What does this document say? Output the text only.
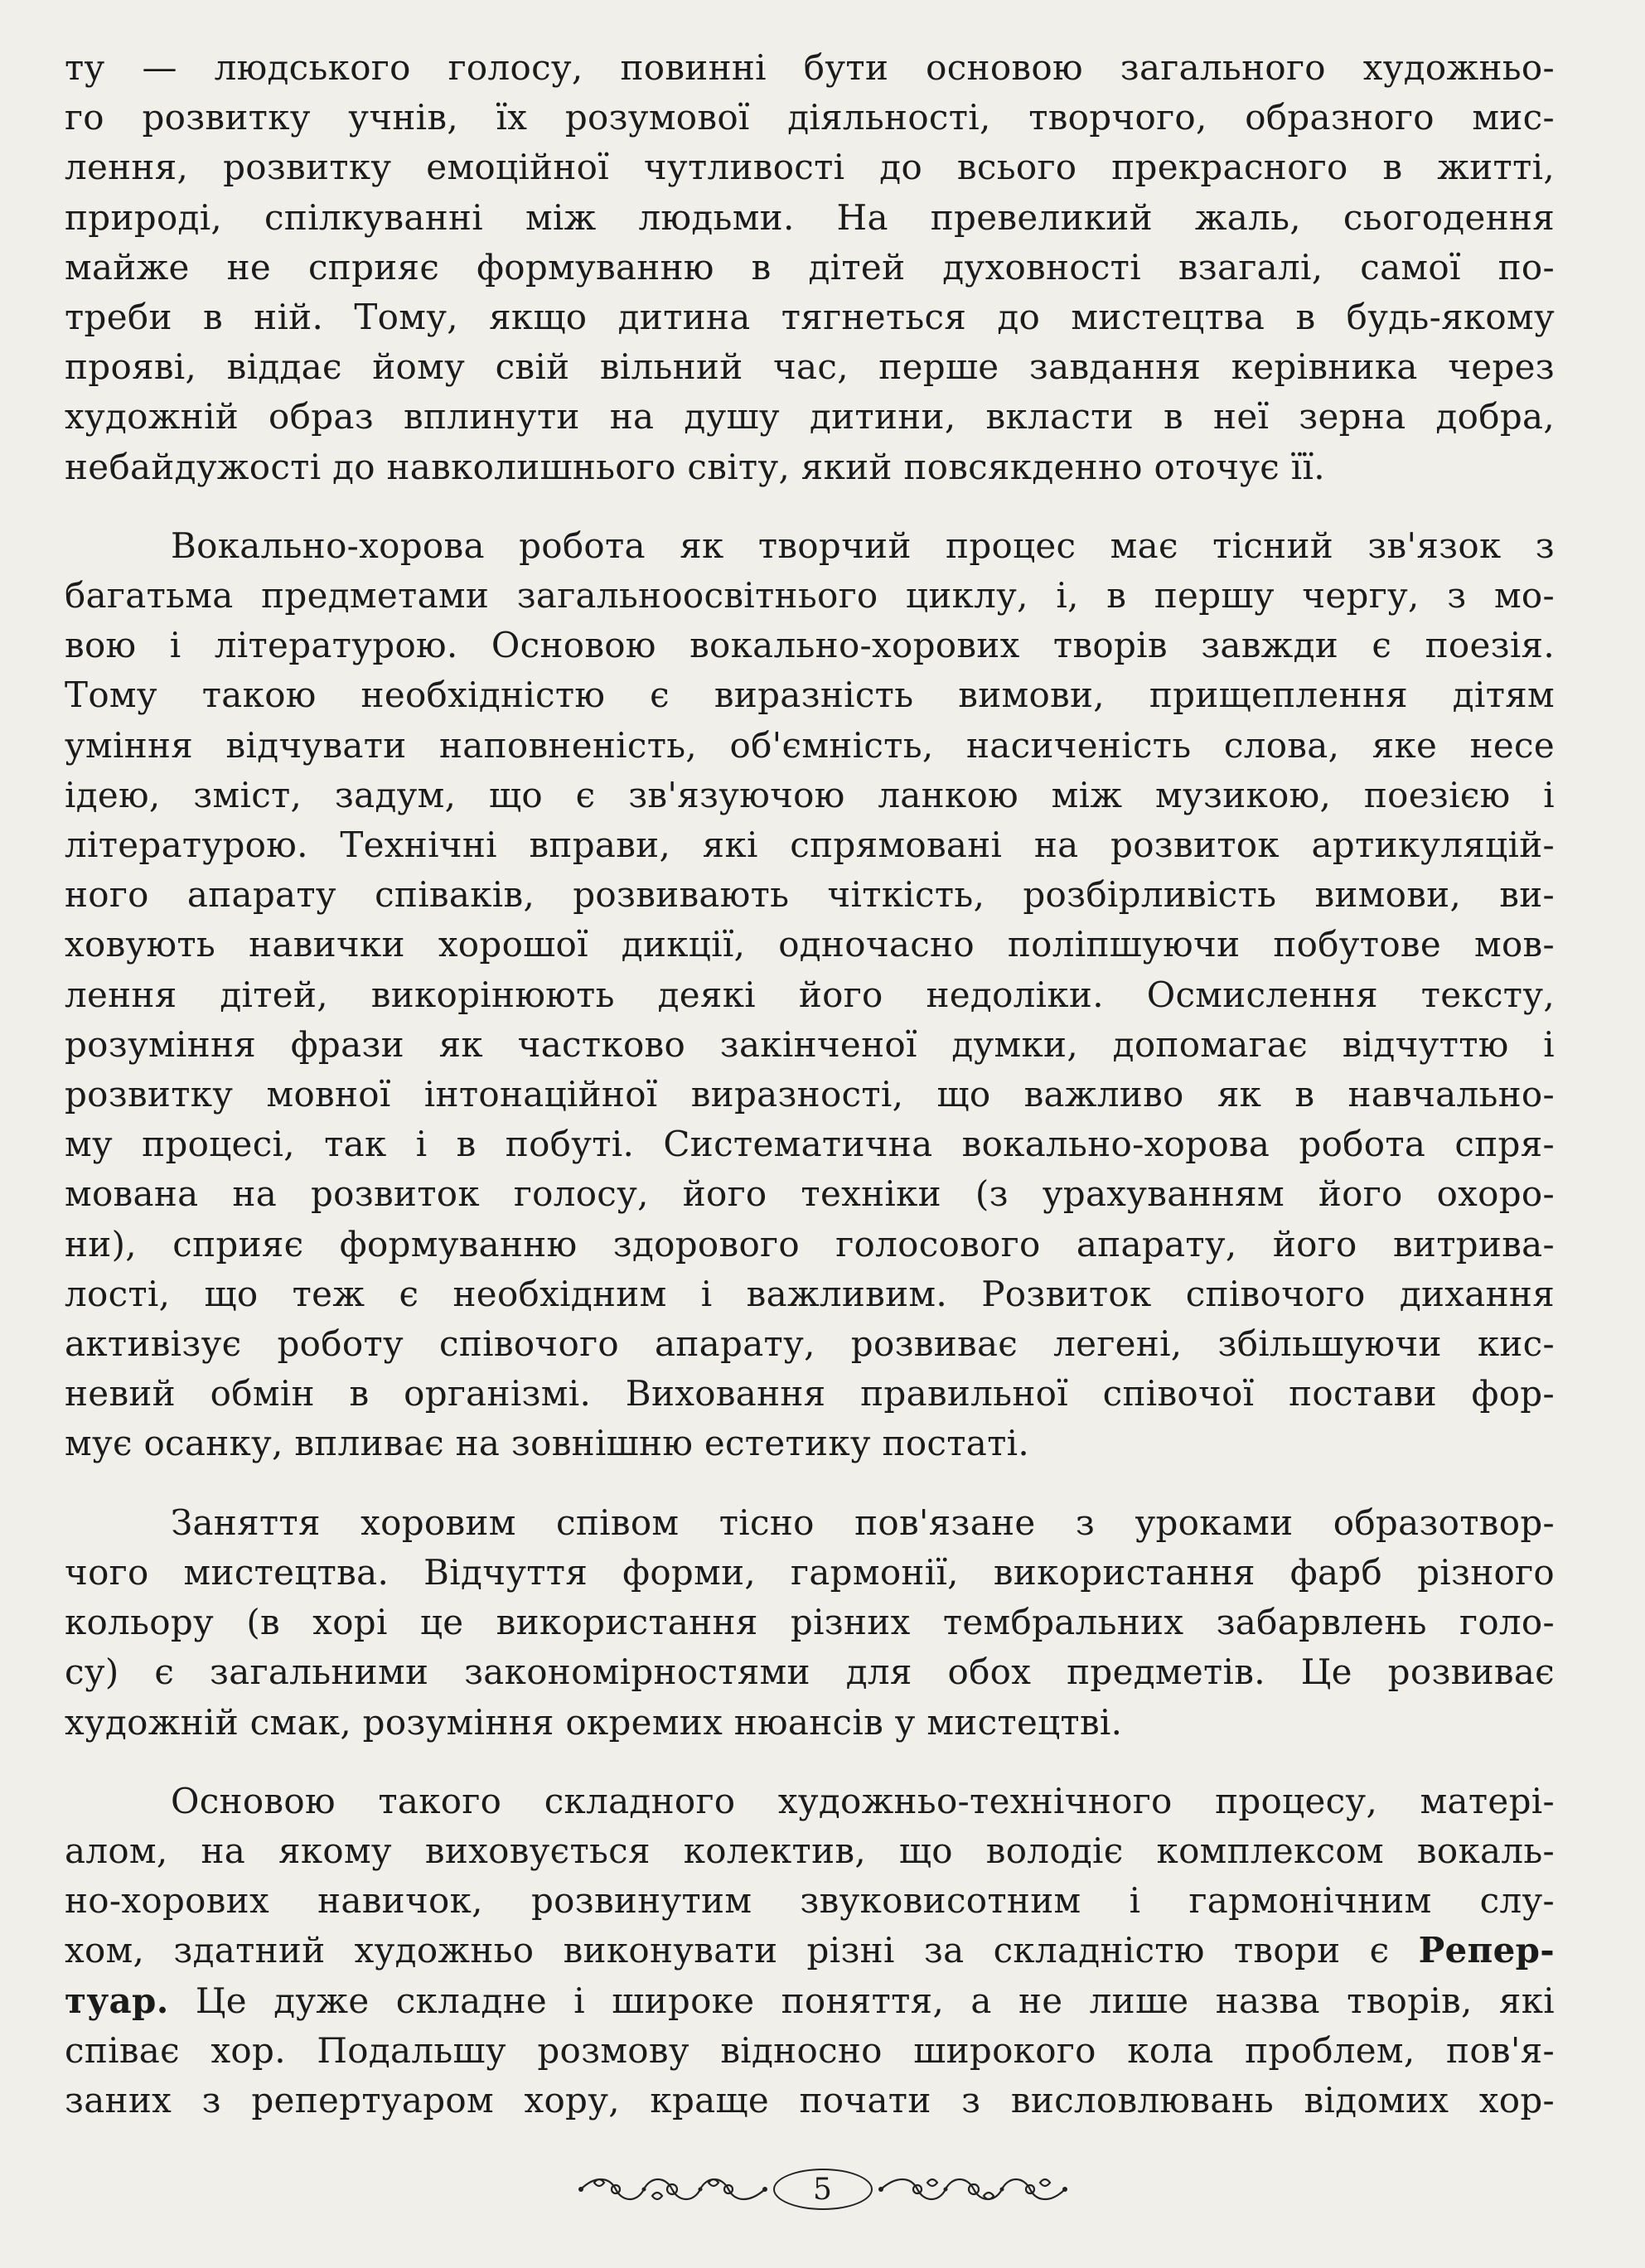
ту — людського голосу, повинні бути основою загального художньо-
го розвитку учнів, їх розумової діяльності, творчого, образного мис-
лення, розвитку емоційної чутливості до всього прекрасного в житті,
природі, спілкуванні між людьми. На превеликий жаль, сьогодення
майже не сприяє формуванню в дітей духовності взагалі, самої по-
треби в ній. Тому, якщо дитина тягнеться до мистецтва в будь-якому
прояві, віддає йому свій вільний час, перше завдання керівника через
художній образ вплинути на душу дитини, вкласти в неї зерна добра,
небайдужості до навколишнього світу, який повсякденно оточує її.

Вокально-хорова робота як творчий процес має тісний зв'язок з
багатьма предметами загальноосвітнього циклу, і, в першу чергу, з мо-
вою і літературою. Основою вокально-хорових творів завжди є поезія.
Тому такою необхідністю є виразність вимови, прищеплення дітям
уміння відчувати наповненість, об'ємність, насиченість слова, яке несе
ідею, зміст, задум, що є зв'язуючою ланкою між музикою, поезією і
літературою. Технічні вправи, які спрямовані на розвиток артикуляцій-
ного апарату співаків, розвивають чіткість, розбірливість вимови, ви-
ховують навички хорошої дикції, одночасно поліпшуючи побутове мов-
лення дітей, викорінюють деякі його недоліки. Осмислення тексту,
розуміння фрази як частково закінченої думки, допомагає відчуттю і
розвитку мовної інтонаційної виразності, що важливо як в навчально-
му процесі, так і в побуті. Систематична вокально-хорова робота спря-
мована на розвиток голосу, його техніки (з урахуванням його охоро-
ни), сприяє формуванню здорового голосового апарату, його витрива-
лості, що теж є необхідним і важливим. Розвиток співочого дихання
активізує роботу співочого апарату, розвиває легені, збільшуючи кис-
невий обмін в організмі. Виховання правильної співочої постави фор-
мує осанку, впливає на зовнішню естетику постаті.

Заняття хоровим співом тісно пов'язане з уроками образотвор-
чого мистецтва. Відчуття форми, гармонії, використання фарб різного
кольору (в хорі це використання різних тембральних забарвлень голо-
су) є загальними закономірностями для обох предметів. Це розвиває
художній смак, розуміння окремих нюансів у мистецтві.

Основою такого складного художньо-технічного процесу, матері-
алом, на якому виховується колектив, що володіє комплексом вокаль-
но-хорових навичок, розвинутим звуковисотним і гармонічним слу-
хом, здатний художньо виконувати різні за складністю твори є Репер-
туар. Це дуже складне і широке поняття, а не лише назва творів, які
співає хор. Подальшу розмову відносно широкого кола проблем, пов'я-
заних з репертуаром хору, краще почати з висловлювань відомих хор-

5
